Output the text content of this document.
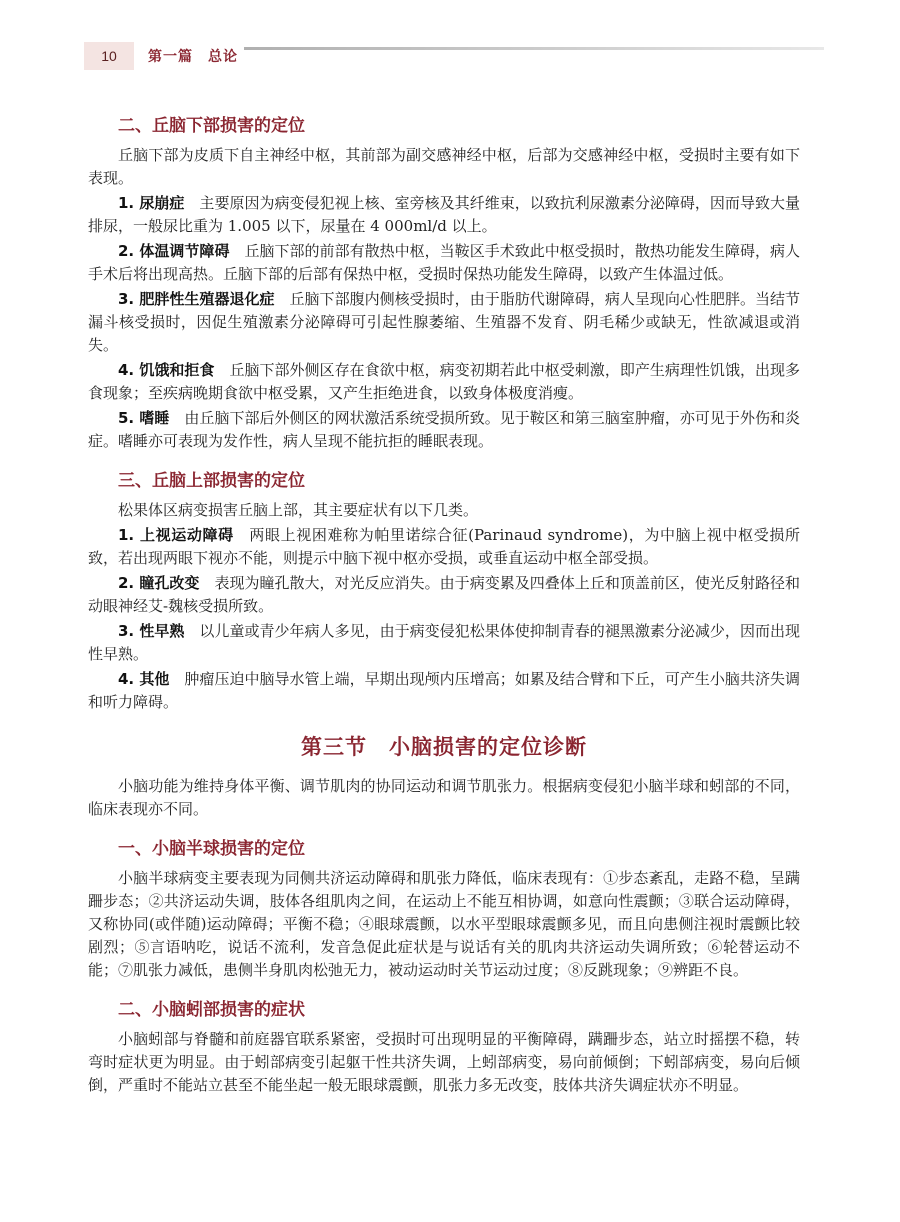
10	第一篇　总论
二、丘脑下部损害的定位

丘脑下部为皮质下自主神经中枢，其前部为副交感神经中枢，后部为交感神经中枢，受损时主要有如下表现。

1. 尿崩症　主要原因为病变侵犯视上核、室旁核及其纤维束，以致抗利尿激素分泌障碍，因而导致大量排尿，一般尿比重为 1.005 以下，尿量在 4 000ml/d 以上。

2. 体温调节障碍　丘脑下部的前部有散热中枢，当鞍区手术致此中枢受损时，散热功能发生障碍，病人手术后将出现高热。丘脑下部的后部有保热中枢，受损时保热功能发生障碍，以致产生体温过低。

3. 肥胖性生殖器退化症　丘脑下部腹内侧核受损时，由于脂肪代谢障碍，病人呈现向心性肥胖。当结节漏斗核受损时，因促生殖激素分泌障碍可引起性腺萎缩、生殖器不发育、阴毛稀少或缺无，性欲减退或消失。

4. 饥饿和拒食　丘脑下部外侧区存在食欲中枢，病变初期若此中枢受刺激，即产生病理性饥饿，出现多食现象；至疾病晚期食欲中枢受累，又产生拒绝进食，以致身体极度消瘦。

5. 嗜睡　由丘脑下部后外侧区的网状激活系统受损所致。见于鞍区和第三脑室肿瘤，亦可见于外伤和炎症。嗜睡亦可表现为发作性，病人呈现不能抗拒的睡眠表现。

三、丘脑上部损害的定位

松果体区病变损害丘脑上部，其主要症状有以下几类。

1. 上视运动障碍　两眼上视困难称为帕里诺综合征(Parinaud syndrome)，为中脑上视中枢受损所致，若出现两眼下视亦不能，则提示中脑下视中枢亦受损，或垂直运动中枢全部受损。

2. 瞳孔改变　表现为瞳孔散大，对光反应消失。由于病变累及四叠体上丘和顶盖前区，使光反射路径和动眼神经艾-魏核受损所致。

3. 性早熟　以儿童或青少年病人多见，由于病变侵犯松果体使抑制青春的褪黑激素分泌减少，因而出现性早熟。

4. 其他　肿瘤压迫中脑导水管上端，早期出现颅内压增高；如累及结合臂和下丘，可产生小脑共济失调和听力障碍。

第三节 小脑损害的定位诊断

小脑功能为维持身体平衡、调节肌肉的协同运动和调节肌张力。根据病变侵犯小脑半球和蚓部的不同，临床表现亦不同。

一、小脑半球损害的定位

小脑半球病变主要表现为同侧共济运动障碍和肌张力降低，临床表现有：①步态紊乱，走路不稳，呈蹒跚步态；②共济运动失调，肢体各组肌肉之间，在运动上不能互相协调，如意向性震颤；③联合运动障碍，又称协同(或伴随)运动障碍；平衡不稳；④眼球震颤，以水平型眼球震颤多见，而且向患侧注视时震颤比较剧烈；⑤言语呐吃，说话不流利，发音急促此症状是与说话有关的肌肉共济运动失调所致；⑥轮替运动不能；⑦肌张力减低，患侧半身肌肉松弛无力，被动运动时关节运动过度；⑧反跳现象；⑨辨距不良。

二、小脑蚓部损害的症状

小脑蚓部与脊髓和前庭器官联系紧密，受损时可出现明显的平衡障碍，蹒跚步态，站立时摇摆不稳，转弯时症状更为明显。由于蚓部病变引起躯干性共济失调，上蚓部病变，易向前倾倒；下蚓部病变，易向后倾倒，严重时不能站立甚至不能坐起一般无眼球震颤，肌张力多无改变，肢体共济失调症状亦不明显。
